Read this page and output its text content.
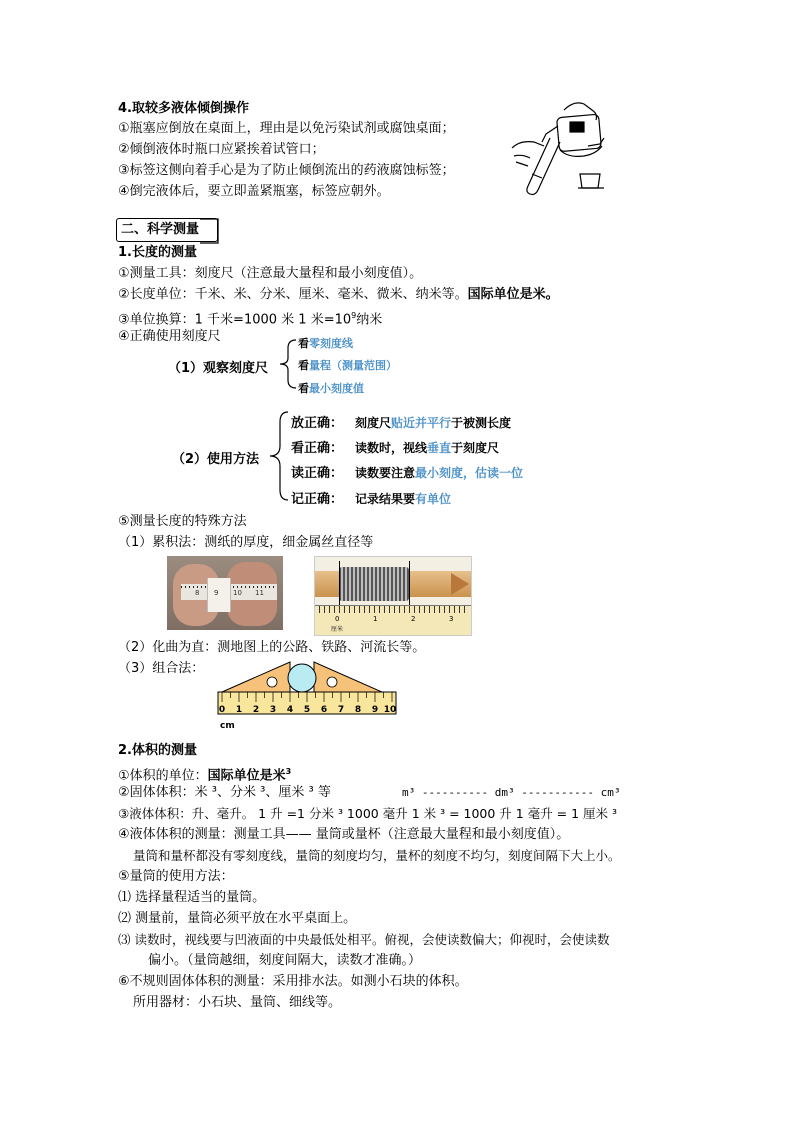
4.取较多液体倾倒操作
①瓶塞应倒放在桌面上，理由是以免污染试剂或腐蚀桌面；
②倾倒液体时瓶口应紧挨着试管口；
③标签这侧向着手心是为了防止倾倒流出的药液腐蚀标签；
④倒完液体后，要立即盖紧瓶塞，标签应朝外。
二、科学测量
1.长度的测量
①测量工具：刻度尺（注意最大量程和最小刻度值）。
②长度单位：千米、米、分米、厘米、毫米、微米、纳米等。国际单位是米。
③单位换算：1 千米=1000 米 1 米$=10^9$纳米
④正确使用刻度尺
（1）观察刻度尺
看零刻度线
看量程（测量范围）
看最小刻度值
（2）使用方法
放正确： 刻度尺贴近并平行于被测长度
看正确： 读数时，视线垂直于刻度尺
读正确： 读数要注意最小刻度，估读一位
记正确： 记录结果要有单位
⑤测量长度的特殊方法
（1）累积法：测纸的厚度，细金属丝直径等
8 9 10 11
0	1	2	3
厘米
（2）化曲为直：测地图上的公路、铁路、河流长等。
（3）组合法：
0 1 2 3 4 5 6 7 8 9 10
cm
2.体积的测量
①体积的单位：国际单位是米$^3$
②固体体积：米 ³、分米 ³、厘米 ³ 等	m³ ---------- dm³ ----------- cm³
③液体体积：升、毫升。 1 升 =1 分米 ³ 1000 毫升 1 米 ³ = 1000 升 1 毫升 = 1 厘米 ³
④液体体积的测量：测量工具—— 量筒或量杯（注意最大量程和最小刻度值）。
量筒和量杯都没有零刻度线，量筒的刻度均匀，量杯的刻度不均匀，刻度间隔下大上小。
⑤量筒的使用方法：
⑴ 选择量程适当的量筒。
⑵ 测量前，量筒必须平放在水平桌面上。
⑶ 读数时，视线要与凹液面的中央最低处相平。俯视，会使读数偏大；仰视时，会使读数
偏小。（量筒越细，刻度间隔大，读数才准确。）
⑥不规则固体体积的测量：采用排水法。如测小石块的体积。
所用器材：小石块、量筒、细线等。
